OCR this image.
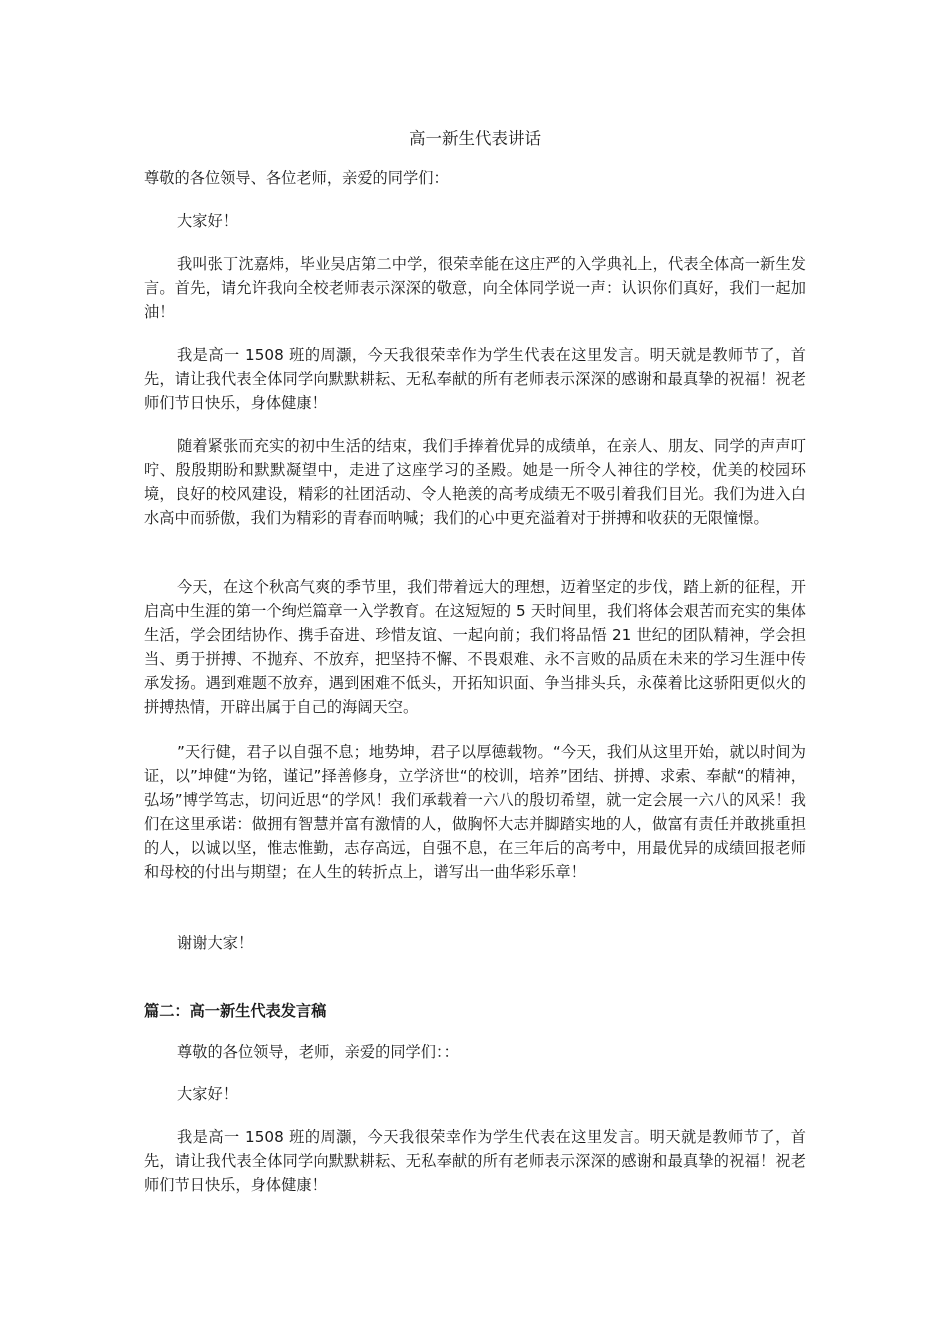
高一新生代表讲话
尊敬的各位领导、各位老师，亲爱的同学们：
大家好！
我叫张丁沈嘉炜，毕业吴店第二中学，很荣幸能在这庄严的入学典礼上，代表全体高一新生发言。首先，请允许我向全校老师表示深深的敬意，向全体同学说一声：认识你们真好，我们一起加油！
我是高一 1508 班的周灏，今天我很荣幸作为学生代表在这里发言。明天就是教师节了，首先，请让我代表全体同学向默默耕耘、无私奉献的所有老师表示深深的感谢和最真挚的祝福！祝老师们节日快乐，身体健康！
随着紧张而充实的初中生活的结束，我们手捧着优异的成绩单，在亲人、朋友、同学的声声叮咛、殷殷期盼和默默凝望中，走进了这座学习的圣殿。她是一所令人神往的学校，优美的校园环境，良好的校风建设，精彩的社团活动、令人艳羡的高考成绩无不吸引着我们目光。我们为进入白水高中而骄傲，我们为精彩的青春而呐喊；我们的心中更充溢着对于拼搏和收获的无限憧憬。
今天，在这个秋高气爽的季节里，我们带着远大的理想，迈着坚定的步伐，踏上新的征程，开启高中生涯的第一个绚烂篇章一入学教育。在这短短的 5 天时间里，我们将体会艰苦而充实的集体生活，学会团结协作、携手奋进、珍惜友谊、一起向前；我们将品悟 21 世纪的团队精神，学会担当、勇于拼搏、不抛弃、不放弃，把坚持不懈、不畏艰难、永不言败的品质在未来的学习生涯中传承发扬。遇到难题不放弃，遇到困难不低头，开拓知识面、争当排头兵，永葆着比这骄阳更似火的拼搏热情，开辟出属于自己的海阔天空。
”天行健，君子以自强不息；地势坤，君子以厚德载物。“今天，我们从这里开始，就以时间为证，以”坤健“为铭，谨记”择善修身，立学济世“的校训，培养”团结、拼搏、求索、奉献“的精神，弘场”博学笃志，切问近思“的学风！我们承载着一六八的殷切希望，就一定会展一六八的风采！我们在这里承诺：做拥有智慧并富有激情的人，做胸怀大志并脚踏实地的人，做富有责任并敢挑重担的人，以诚以坚，惟志惟勤，志存高远，自强不息，在三年后的高考中，用最优异的成绩回报老师和母校的付出与期望；在人生的转折点上，谱写出一曲华彩乐章！
谢谢大家！
篇二：高一新生代表发言稿
尊敬的各位领导，老师，亲爱的同学们：：
大家好！
我是高一 1508 班的周灏，今天我很荣幸作为学生代表在这里发言。明天就是教师节了，首先，请让我代表全体同学向默默耕耘、无私奉献的所有老师表示深深的感谢和最真挚的祝福！祝老师们节日快乐，身体健康！
